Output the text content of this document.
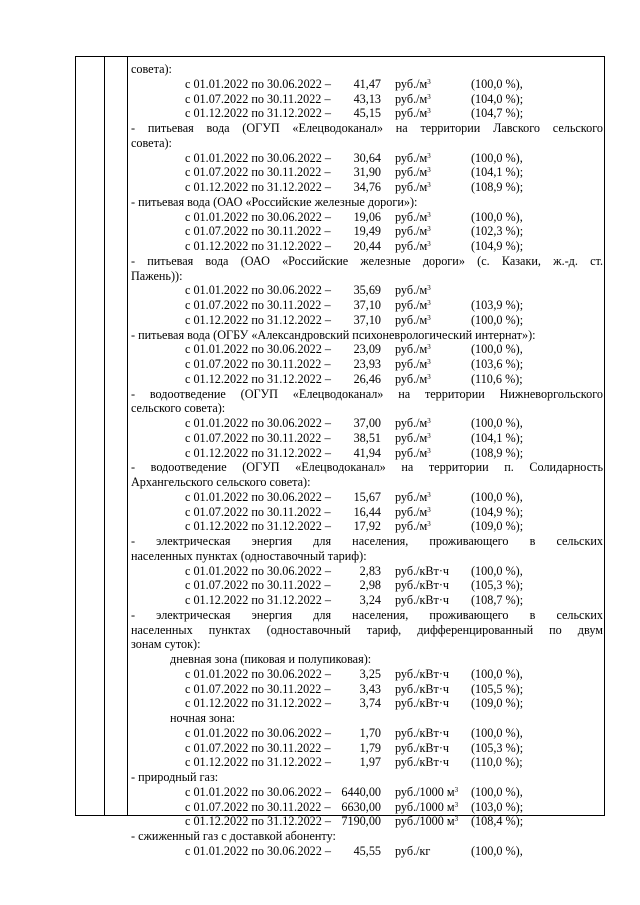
совета):
с 01.01.2022 по 30.06.2022 –	41,47 $руб./м^3$	(100,0 %),
с 01.07.2022 по 30.11.2022 –	43,13 $руб./м^3$	(104,0 %);
с 01.12.2022 по 31.12.2022 –	45,15 $руб./м^3$	(104,7 %);
- питьевая вода (ОГУП «Елецводоканал» на территории Лавского сельского
совета):
с 01.01.2022 по 30.06.2022 –	30,64 $руб./м^3$	(100,0 %),
с 01.07.2022 по 30.11.2022 –	31,90 $руб./м^3$	(104,1 %);
с 01.12.2022 по 31.12.2022 –	34,76 $руб./м^3$	(108,9 %);
- питьевая вода (ОАО «Российские железные дороги»):
с 01.01.2022 по 30.06.2022 –	19,06 $руб./м^3$	(100,0 %),
с 01.07.2022 по 30.11.2022 –	19,49 $руб./м^3$	(102,3 %);
с 01.12.2022 по 31.12.2022 –	20,44 $руб./м^3$	(104,9 %);
- питьевая вода (ОАО «Российские железные дороги» (с. Казаки, ж.-д. ст.
Пажень)):
с 01.01.2022 по 30.06.2022 –	35,69 $руб./м^3$
с 01.07.2022 по 30.11.2022 –	37,10 $руб./м^3$	(103,9 %);
с 01.12.2022 по 31.12.2022 –	37,10 $руб./м^3$	(100,0 %);
- питьевая вода (ОГБУ «Александровский психоневрологический интернат»):
с 01.01.2022 по 30.06.2022 –	23,09 $руб./м^3$	(100,0 %),
с 01.07.2022 по 30.11.2022 –	23,93 $руб./м^3$	(103,6 %);
с 01.12.2022 по 31.12.2022 –	26,46 $руб./м^3$	(110,6 %);
- водоотведение (ОГУП «Елецводоканал» на территории Нижневоргольского
сельского совета):
с 01.01.2022 по 30.06.2022 –	37,00 $руб./м^3$	(100,0 %),
с 01.07.2022 по 30.11.2022 –	38,51 $руб./м^3$	(104,1 %);
с 01.12.2022 по 31.12.2022 –	41,94 $руб./м^3$	(108,9 %);
- водоотведение (ОГУП «Елецводоканал» на территории п. Солидарность
Архангельского сельского совета):
с 01.01.2022 по 30.06.2022 –	15,67 $руб./м^3$	(100,0 %),
с 01.07.2022 по 30.11.2022 –	16,44 $руб./м^3$	(104,9 %);
с 01.12.2022 по 31.12.2022 –	17,92 $руб./м^3$	(109,0 %);
- электрическая энергия для населения, проживающего в сельских
населенных пунктах (одноставочный тариф):
с 01.01.2022 по 30.06.2022 –	2,83 руб./кВт·ч (100,0 %),
с 01.07.2022 по 30.11.2022 –	2,98 руб./кВт·ч (105,3 %);
с 01.12.2022 по 31.12.2022 –	3,24 руб./кВт·ч (108,7 %);
- электрическая энергия для населения, проживающего в сельских
населенных пунктах (одноставочный тариф, дифференцированный по двум
зонам суток):
дневная зона (пиковая и полупиковая):
с 01.01.2022 по 30.06.2022 –	3,25 руб./кВт·ч (100,0 %),
с 01.07.2022 по 30.11.2022 –	3,43 руб./кВт·ч (105,5 %);
с 01.12.2022 по 31.12.2022 –	3,74 руб./кВт·ч (109,0 %);
ночная зона:
с 01.01.2022 по 30.06.2022 –	1,70 руб./кВт·ч (100,0 %),
с 01.07.2022 по 30.11.2022 –	1,79 руб./кВт·ч (105,3 %);
с 01.12.2022 по 31.12.2022 –	1,97 руб./кВт·ч (110,0 %);
- природный газ:
с 01.01.2022 по 30.06.2022 – 6440,00 руб./1000 $м^3$ (100,0 %),
с 01.07.2022 по 30.11.2022 – 6630,00 руб./1000 $м^3$ (103,0 %);
с 01.12.2022 по 31.12.2022 – 7190,00 руб./1000 $м^3$ (108,4 %);
- сжиженный газ с доставкой абоненту:
с 01.01.2022 по 30.06.2022 –	45,55 руб./кг	(100,0 %),
